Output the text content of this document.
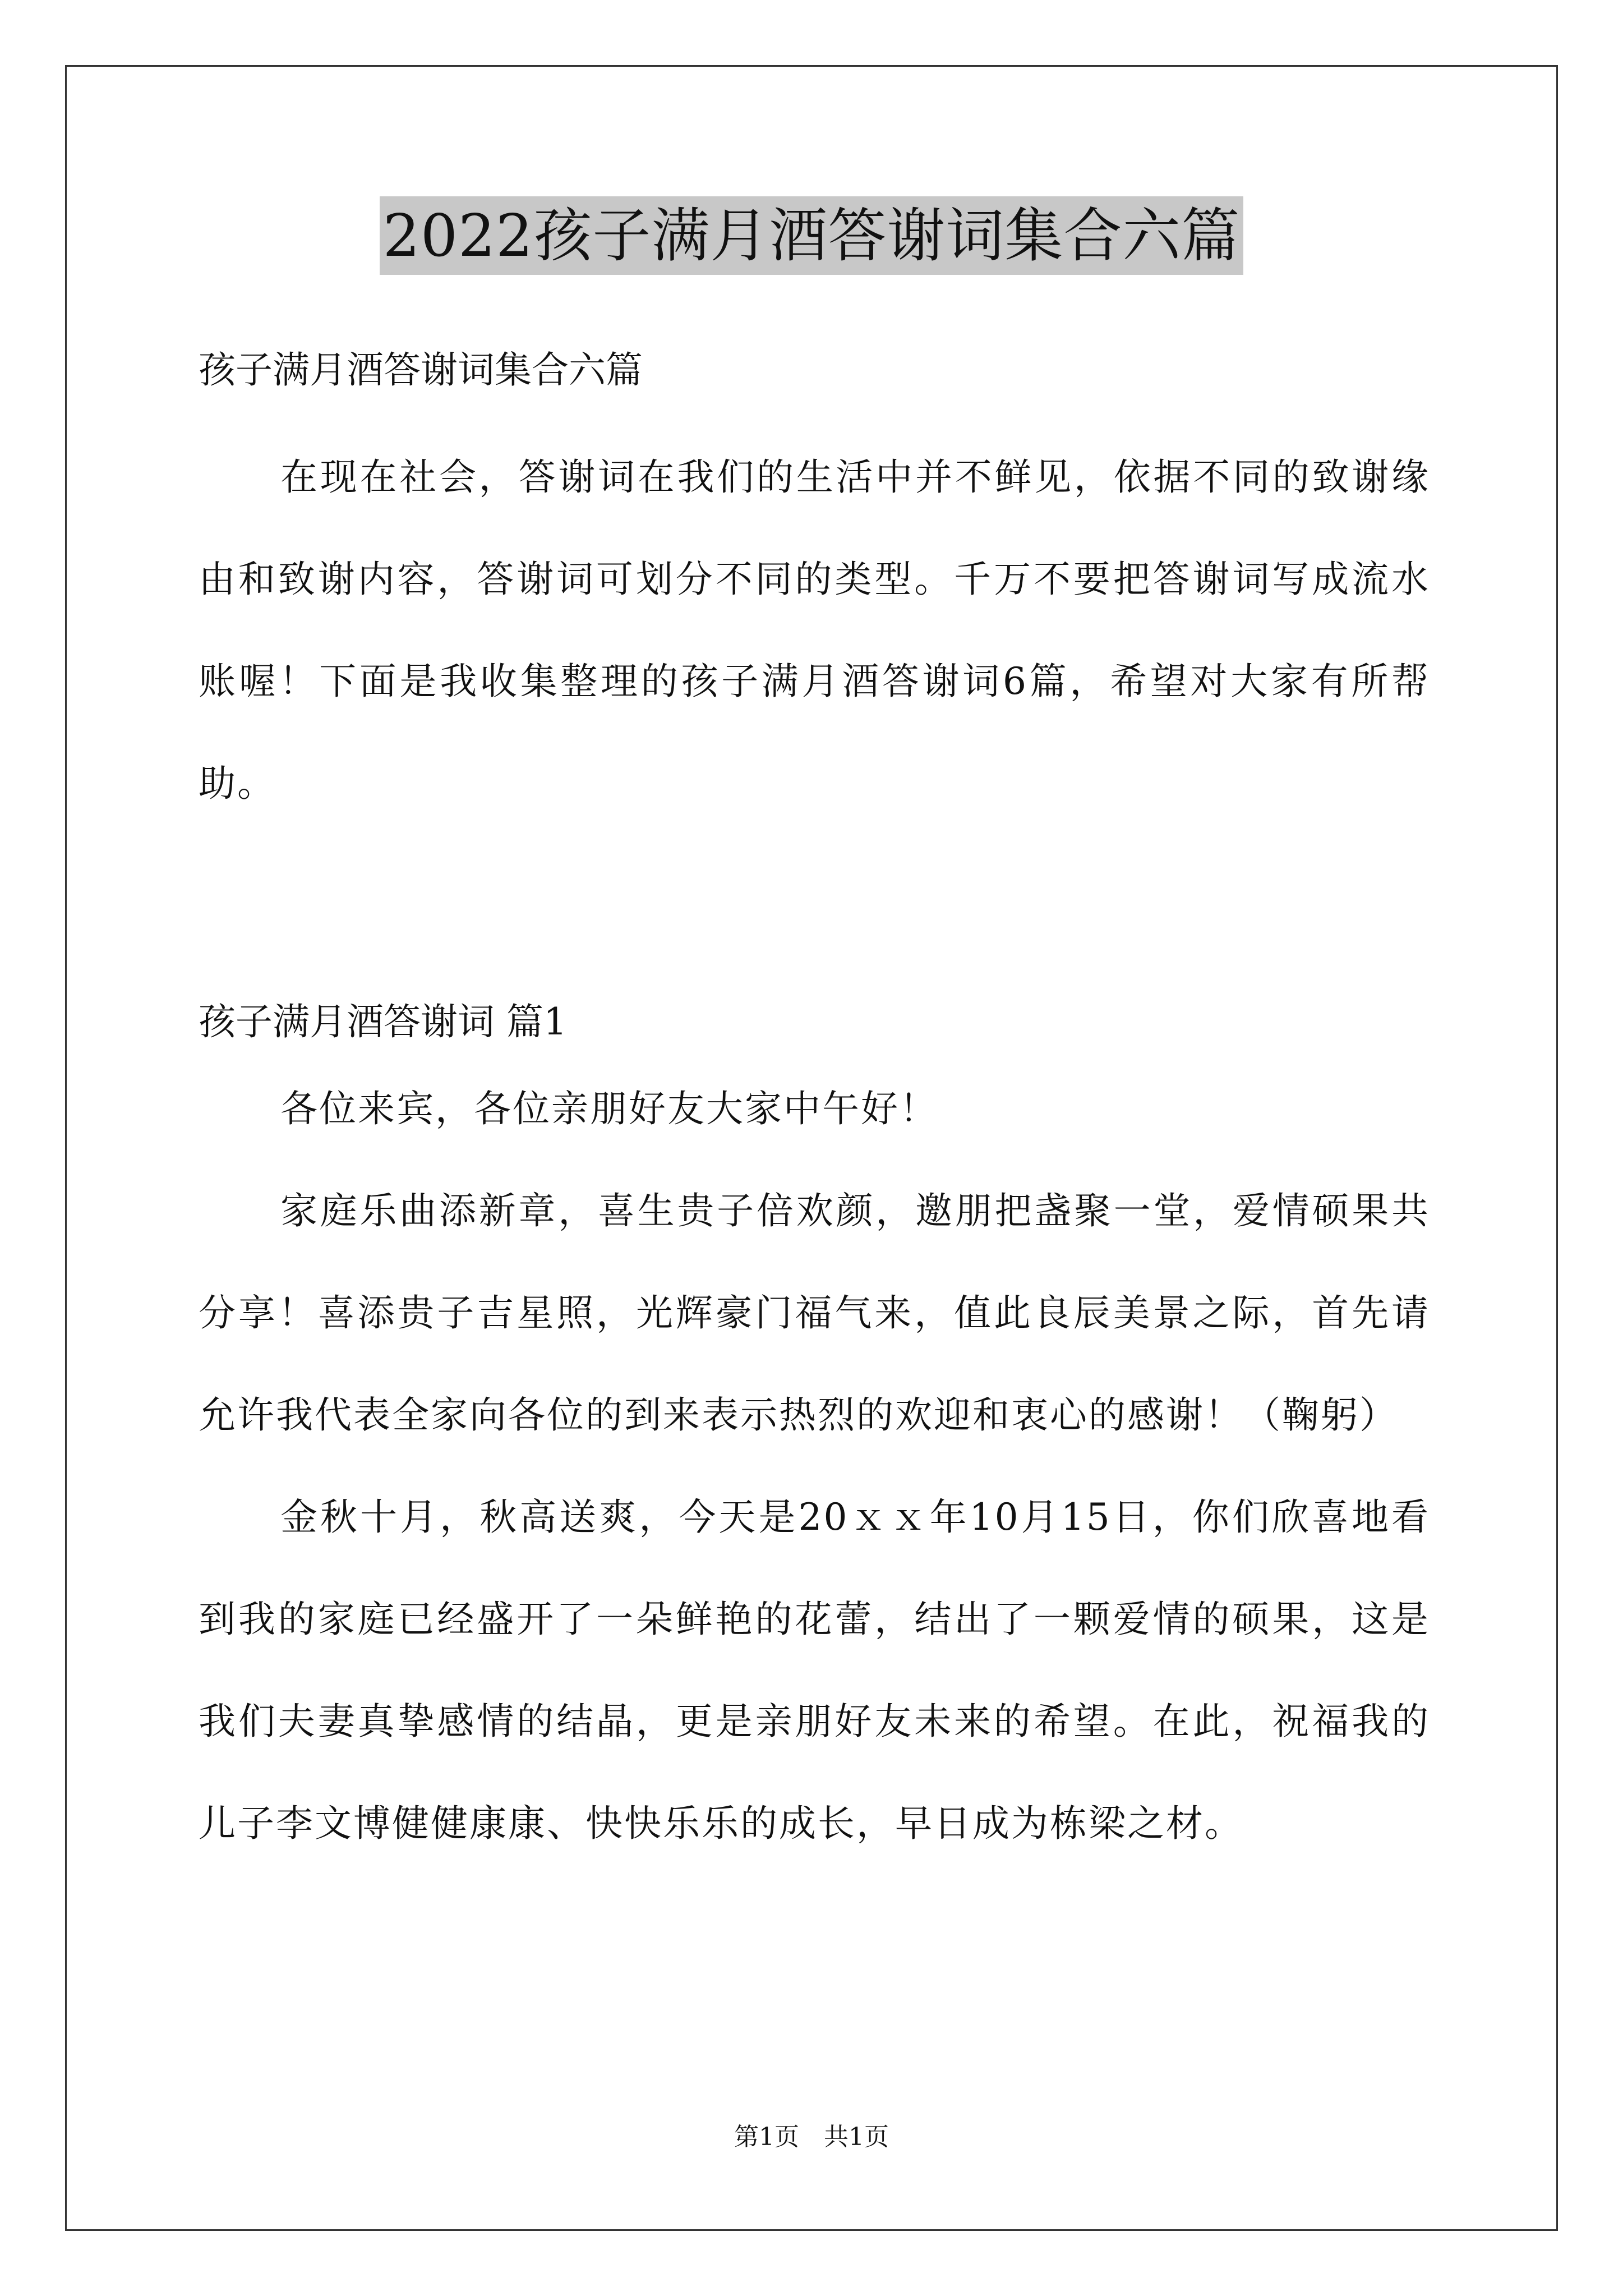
2022孩子满月酒答谢词集合六篇
孩子满月酒答谢词集合六篇

在现在社会，答谢词在我们的生活中并不鲜见，依据不同的致谢缘由和致谢内容，答谢词可划分不同的类型。千万不要把答谢词写成流水账喔！下面是我收集整理的孩子满月酒答谢词6篇，希望对大家有所帮助。

孩子满月酒答谢词 篇1

各位来宾，各位亲朋好友大家中午好！

家庭乐曲添新章，喜生贵子倍欢颜，邀朋把盏聚一堂，爱情硕果共分享！喜添贵子吉星照，光辉豪门福气来，值此良辰美景之际，首先请允许我代表全家向各位的到来表示热烈的欢迎和衷心的感谢！（鞠躬）

金秋十月，秋高送爽，今天是20ｘｘ年10月15日，你们欣喜地看到我的家庭已经盛开了一朵鲜艳的花蕾，结出了一颗爱情的硕果，这是我们夫妻真挚感情的结晶，更是亲朋好友未来的希望。在此，祝福我的儿子李文博健健康康、快快乐乐的成长，早日成为栋梁之材。

第1页　共1页
